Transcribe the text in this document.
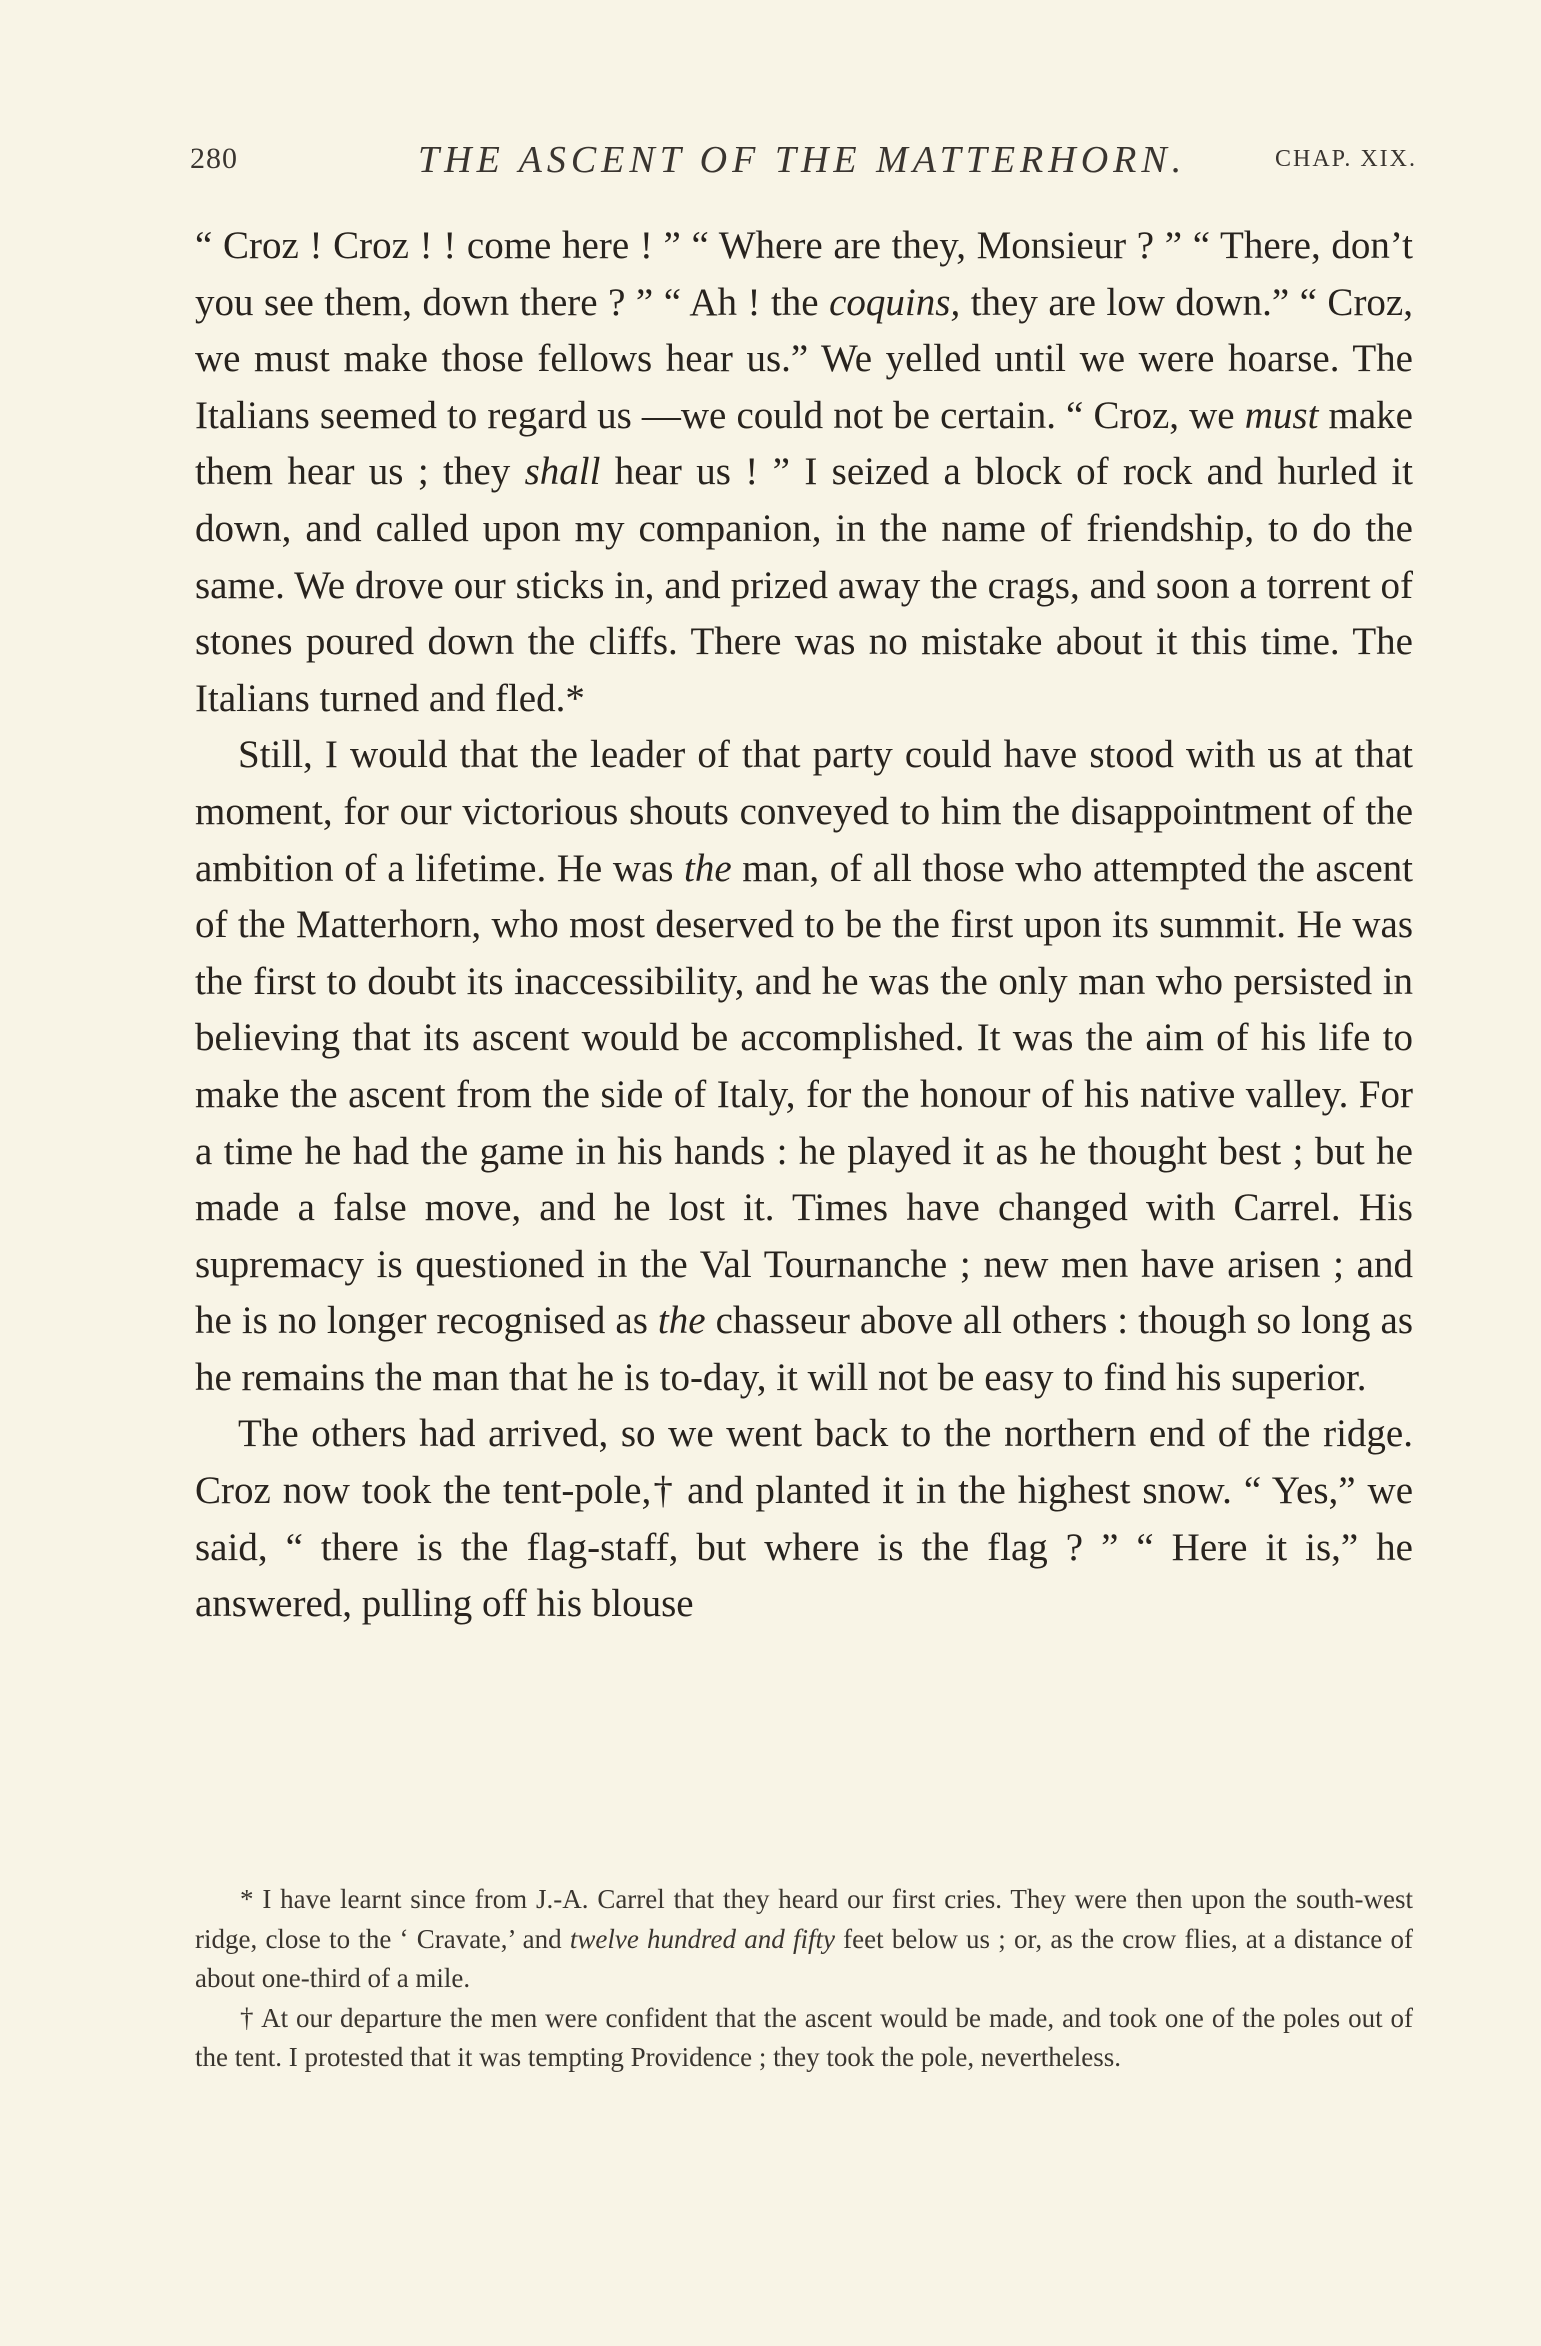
280	THE ASCENT OF THE MATTERHORN.	CHAP. XIX.

“ Croz ! Croz ! ! come here ! ” “ Where are they, Monsieur ? ” “ There, don’t you see them, down there ? ” “ Ah ! the coquins, they are low down.” “ Croz, we must make those fellows hear us.” We yelled until we were hoarse. The Italians seemed to regard us —we could not be certain. “ Croz, we must make them hear us ; they shall hear us ! ” I seized a block of rock and hurled it down, and called upon my companion, in the name of friendship, to do the same. We drove our sticks in, and prized away the crags, and soon a torrent of stones poured down the cliffs. There was no mistake about it this time. The Italians turned and fled.*

Still, I would that the leader of that party could have stood with us at that moment, for our victorious shouts conveyed to him the disappointment of the ambition of a lifetime. He was the man, of all those who attempted the ascent of the Matterhorn, who most deserved to be the first upon its summit. He was the first to doubt its inaccessibility, and he was the only man who persisted in believing that its ascent would be accomplished. It was the aim of his life to make the ascent from the side of Italy, for the honour of his native valley. For a time he had the game in his hands : he played it as he thought best ; but he made a false move, and he lost it. Times have changed with Carrel. His supremacy is questioned in the Val Tournanche ; new men have arisen ; and he is no longer recognised as the chasseur above all others : though so long as he remains the man that he is to-day, it will not be easy to find his superior.

The others had arrived, so we went back to the northern end of the ridge. Croz now took the tent-pole,† and planted it in the highest snow. “ Yes,” we said, “ there is the flag-staff, but where is the flag ? ” “ Here it is,” he answered, pulling off his blouse

* I have learnt since from J.-A. Carrel that they heard our first cries. They were then upon the south-west ridge, close to the ‘ Cravate,’ and twelve hundred and fifty feet below us ; or, as the crow flies, at a distance of about one-third of a mile.

† At our departure the men were confident that the ascent would be made, and took one of the poles out of the tent. I protested that it was tempting Providence ; they took the pole, nevertheless.
